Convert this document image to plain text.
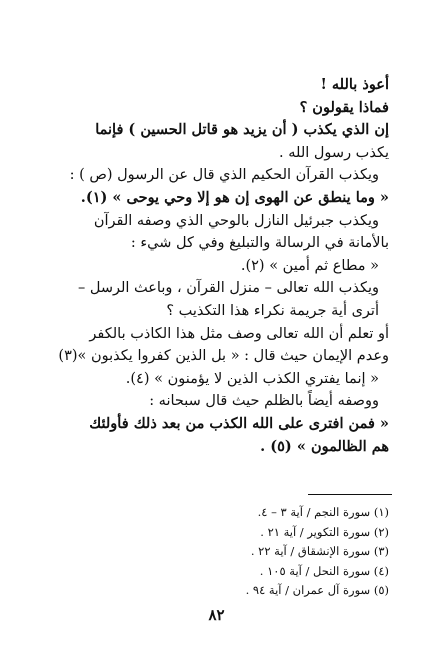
أعوذ بالله !
فماذا يقولون ؟
إن الذي يكذب ( أن يزيد هو قاتل الحسين ) فإنما
يكذب رسول الله .
ويكذب القرآن الحكيم الذي قال عن الرسول (ص ) :
« وما ينطق عن الهوى إن هو إلا وحي يوحى » (١).
ويكذب جبرئيل النازل بالوحي الذي وصفه القرآن
بالأمانة في الرسالة والتبليغ وفي كل شيء :
« مطاع ثم أمين » (٢).
ويكذب الله تعالى – منزل القرآن ، وباعث الرسل –
أترى أية جريمة نكراء هذا التكذيب ؟
أو تعلم أن الله تعالى وصف مثل هذا الكاذب بالكفر
وعدم الإيمان حيث قال : « بل الذين كفروا يكذبون »(٣)
« إنما يفتري الكذب الذين لا يؤمنون » (٤).
ووصفه أيضاً بالظلم حيث قال سبحانه :
« فمن افترى على الله الكذب من بعد ذلك فأولئك
هم الظالمون » (٥) .
(١) سورة النجم / آية ٣ – ٤.
(٢) سورة التكوير / آية ٢١ .
(٣) سورة الإنشقاق / آية ٢٢ .
(٤) سورة النحل / آية ١٠٥ .
(٥) سورة آل عمران / آية ٩٤ .
٨٢
